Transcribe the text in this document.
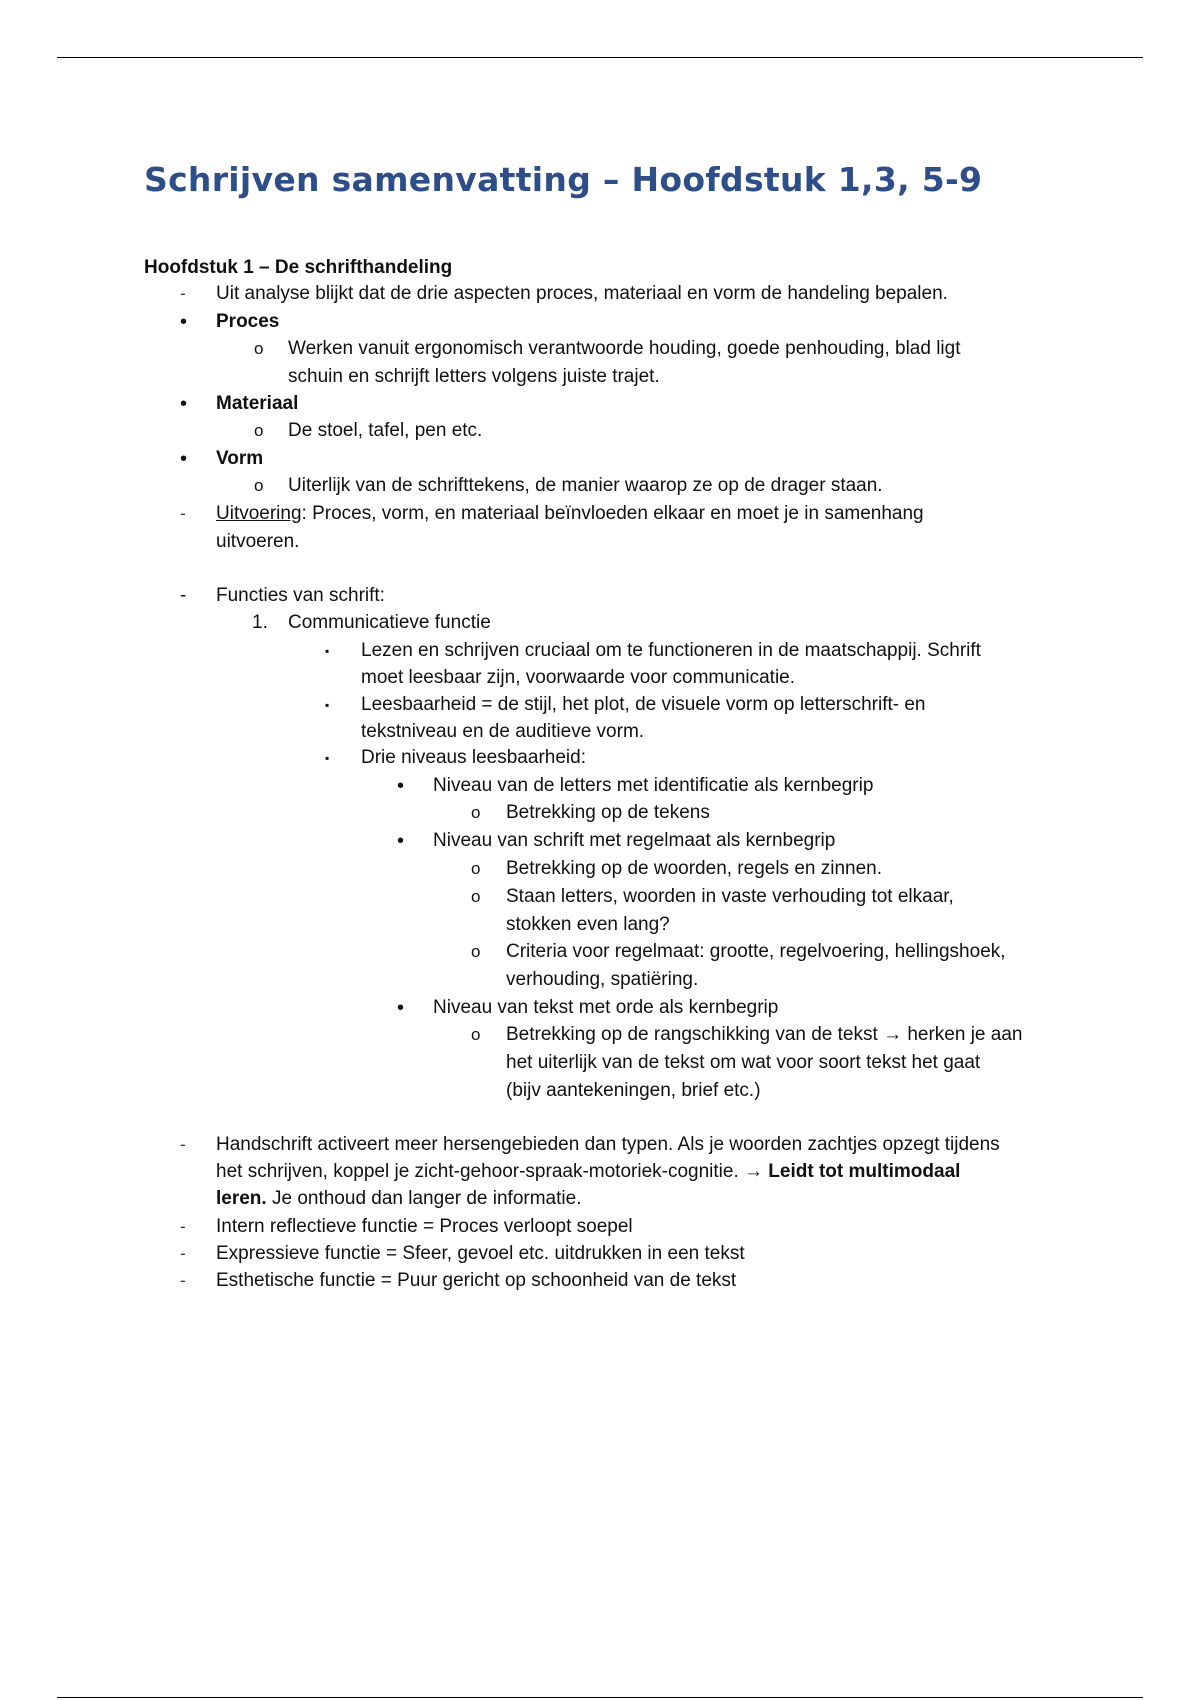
Schrijven samenvatting – Hoofdstuk 1,3, 5-9
Hoofdstuk 1 – De schrifthandeling
- Uit analyse blijkt dat de drie aspecten proces, materiaal en vorm de handeling bepalen.
• Proces
o Werken vanuit ergonomisch verantwoorde houding, goede penhouding, blad ligt
schuin en schrijft letters volgens juiste trajet.
• Materiaal
o De stoel, tafel, pen etc.
• Vorm
o Uiterlijk van de schrifttekens, de manier waarop ze op de drager staan.
- Uitvoering: Proces, vorm, en materiaal beïnvloeden elkaar en moet je in samenhang
uitvoeren.
- Functies van schrift:
1. Communicatieve functie
▪ Lezen en schrijven cruciaal om te functioneren in de maatschappij. Schrift
moet leesbaar zijn, voorwaarde voor communicatie.
▪ Leesbaarheid = de stijl, het plot, de visuele vorm op letterschrift- en
tekstniveau en de auditieve vorm.
▪ Drie niveaus leesbaarheid:
• Niveau van de letters met identificatie als kernbegrip
o Betrekking op de tekens
• Niveau van schrift met regelmaat als kernbegrip
o Betrekking op de woorden, regels en zinnen.
o Staan letters, woorden in vaste verhouding tot elkaar,
stokken even lang?
o Criteria voor regelmaat: grootte, regelvoering, hellingshoek,
verhouding, spatiëring.
• Niveau van tekst met orde als kernbegrip
o Betrekking op de rangschikking van de tekst → herken je aan
het uiterlijk van de tekst om wat voor soort tekst het gaat
(bijv aantekeningen, brief etc.)
- Handschrift activeert meer hersengebieden dan typen. Als je woorden zachtjes opzegt tijdens
het schrijven, koppel je zicht-gehoor-spraak-motoriek-cognitie. → Leidt tot multimodaal
leren. Je onthoud dan langer de informatie.
- Intern reflectieve functie = Proces verloopt soepel
- Expressieve functie = Sfeer, gevoel etc. uitdrukken in een tekst
- Esthetische functie = Puur gericht op schoonheid van de tekst
